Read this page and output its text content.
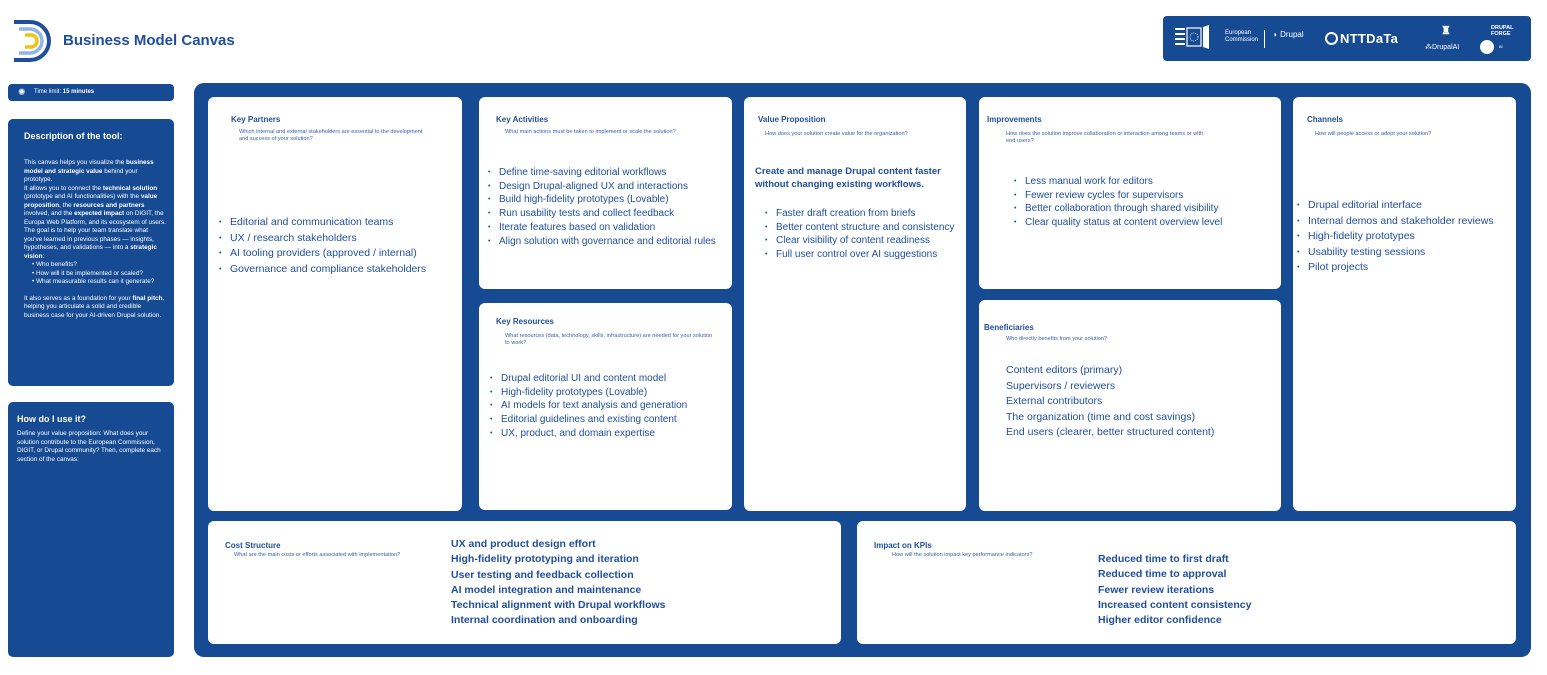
Business Model Canvas	European
Commission
◗ Drupal	NTTDaTa	♜
⁂DrupalAI
DRUPAL
FORGE
i/o	ai
✺ Time limit: 15 minutes
Description of the tool:

This canvas helps you visualize the business model and strategic value behind your prototype.
It allows you to connect the technical solution (prototype and AI functionalities) with the value proposition, the resources and partners involved, and the expected impact on DIGIT, the Europa Web Platform, and its ecosystem of users.
The goal is to help your team translate what you've learned in previous phases — insights, hypotheses, and validations — into a strategic vision:

• Who benefits?
• How will it be implemented or scaled?
• What measurable results can it generate?

It also serves as a foundation for your final pitch, helping you articulate a solid and credible business case for your AI-driven Drupal solution.

How do I use it?

Define your value proposition: What does your solution contribute to the European Commission, DIGIT, or Drupal community? Then, complete each section of the canvas:

Key Partners
Which internal and external stakeholders are essential to the development and success of your solution?
• Editorial and communication teams
• UX / research stakeholders
• AI tooling providers (approved / internal)
• Governance and compliance stakeholders
Key Activities
What main actions must be taken to implement or scale the solution?
• Define time-saving editorial workflows
• Design Drupal-aligned UX and interactions
• Build high-fidelity prototypes (Lovable)
• Run usability tests and collect feedback
• Iterate features based on validation
• Align solution with governance and editorial rules
Key Resources
What resources (data, technology, skills, infrastructure) are needed for your solution to work?
• Drupal editorial UI and content model
• High-fidelity prototypes (Lovable)
• AI models for text analysis and generation
• Editorial guidelines and existing content
• UX, product, and domain expertise
Value Proposition
How does your solution create value for the organization?
Create and manage Drupal content faster without changing existing workflows.
• Faster draft creation from briefs
• Better content structure and consistency
• Clear visibility of content readiness
• Full user control over AI suggestions
Improvements
How does the solution improve collaboration or interaction among teams or with end users?
• Less manual work for editors
• Fewer review cycles for supervisors
• Better collaboration through shared visibility
• Clear quality status at content overview level
Beneficiaries
Who directly benefits from your solution?
Content editors (primary)
Supervisors / reviewers
External contributors
The organization (time and cost savings)
End users (clearer, better structured content)
Channels
How will people access or adopt your solution?
• Drupal editorial interface
• Internal demos and stakeholder reviews
• High-fidelity prototypes
• Usability testing sessions
• Pilot projects
Cost Structure
What are the main costs or efforts associated with implementation?
UX and product design effort
High-fidelity prototyping and iteration
User testing and feedback collection
AI model integration and maintenance
Technical alignment with Drupal workflows
Internal coordination and onboarding
Impact on KPIs
How will the solution impact key performance indicators?	Reduced time to first draft
Reduced time to approval
Fewer review iterations
Increased content consistency
Higher editor confidence
